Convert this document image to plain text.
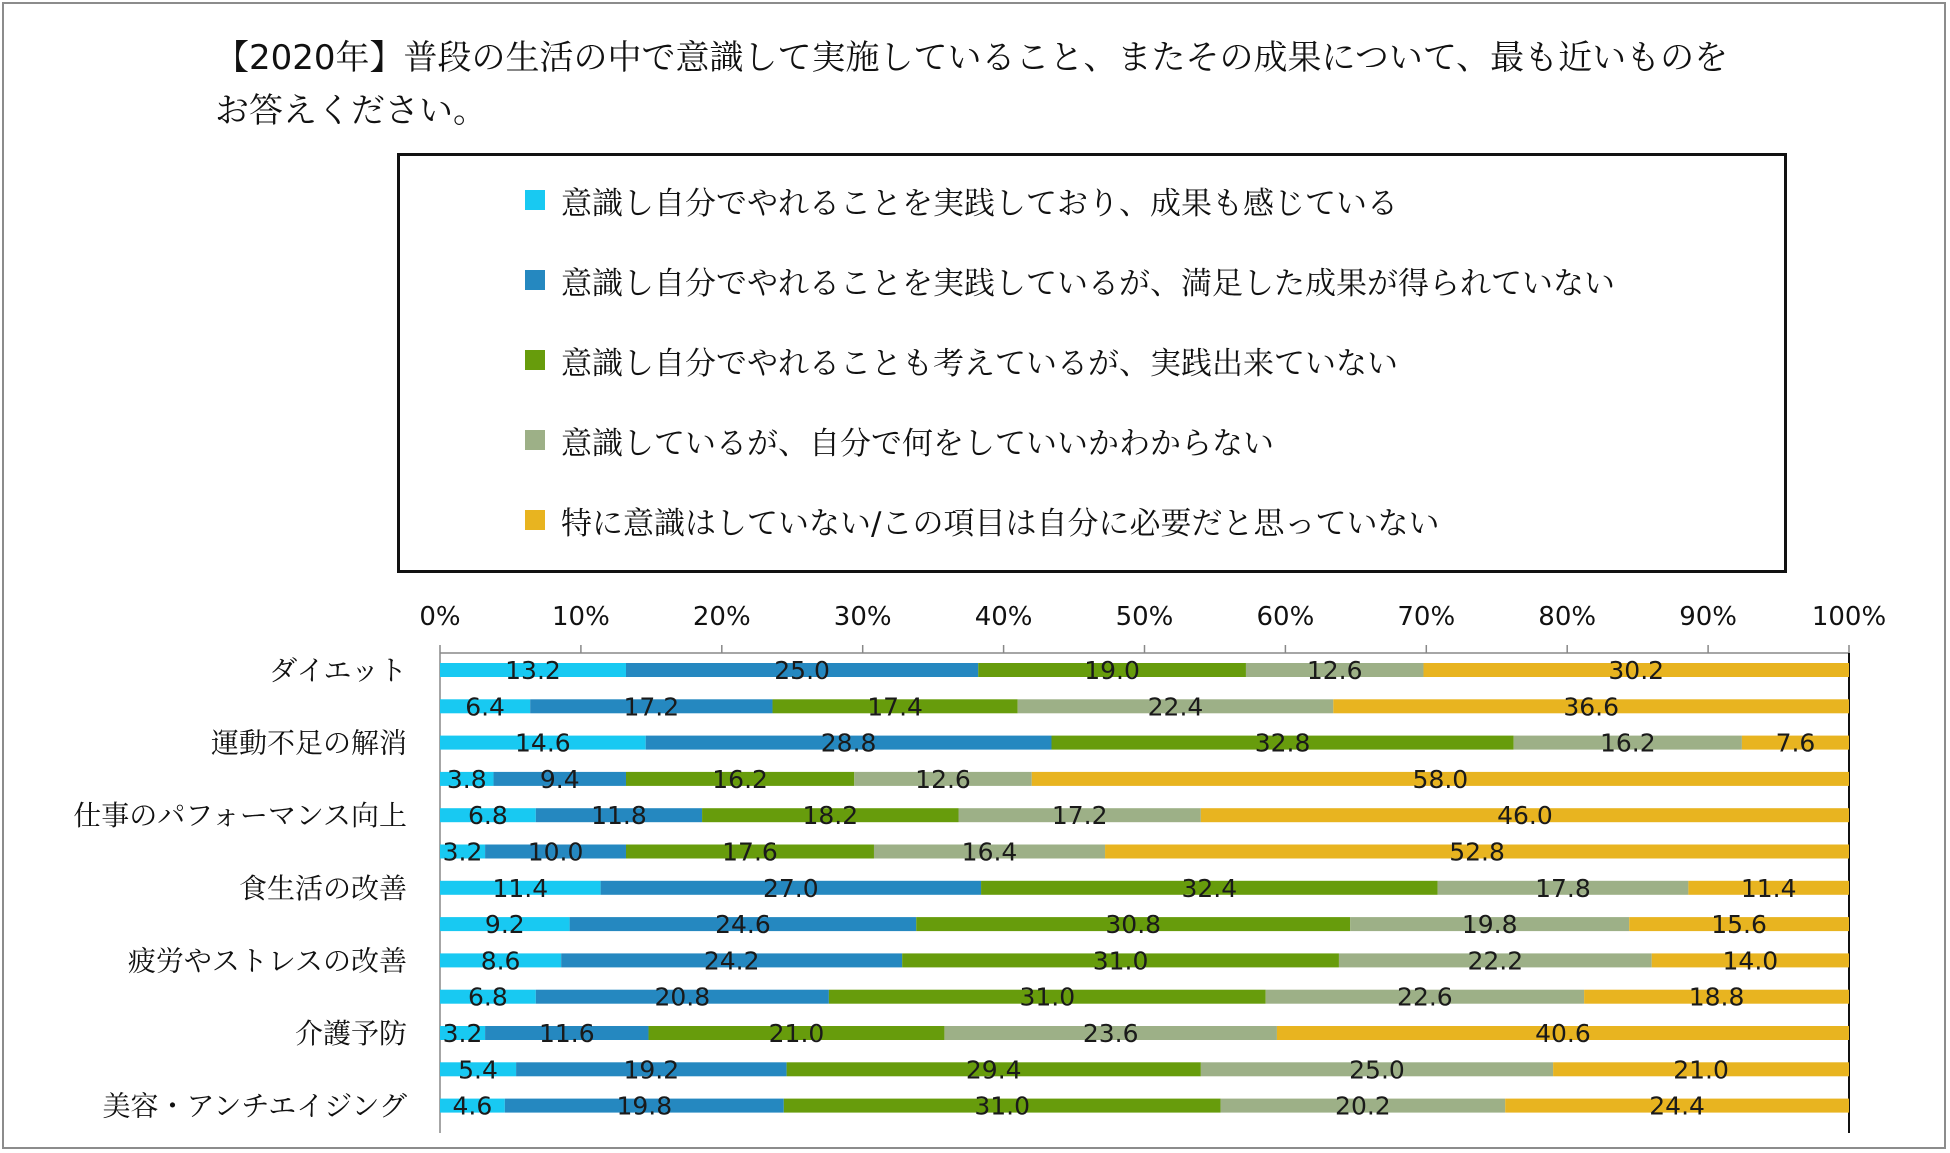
【2020年】普段の生活の中で意識して実施していること、またその成果について、最も近いものをお答えください。
意識し自分でやれることを実践しており、成果も感じている
意識し自分でやれることを実践しているが、満足した成果が得られていない
意識し自分でやれることも考えているが、実践出来ていない
意識しているが、自分で何をしていいかわからない
特に意識はしていない/この項目は自分に必要だと思っていない
0%	10%	20%	30%	40%	50%	60%	70%	80%	90%	100%
13.2	25.0	19.0	12.6	30.2
ダイエット
6.4	17.2	17.4	22.4	36.6
14.6	28.8	32.8	16.2	7.6
運動不足の解消
3.8 9.4	16.2	12.6	58.0
6.8	11.8	18.2	17.2	46.0
仕事のパフォーマンス向上
3.2 10.0	17.6	16.4	52.8
11.4	27.0	32.4	17.8	11.4
食生活の改善
9.2	24.6	30.8	19.8	15.6
8.6	24.2	31.0	22.2	14.0
疲労やストレスの改善
6.8	20.8	31.0	22.6	18.8
3.2 11.6	21.0	23.6	40.6
介護予防
5.4	19.2	29.4	25.0	21.0
4.6	19.8	31.0	20.2	24.4
美容・アンチエイジング
